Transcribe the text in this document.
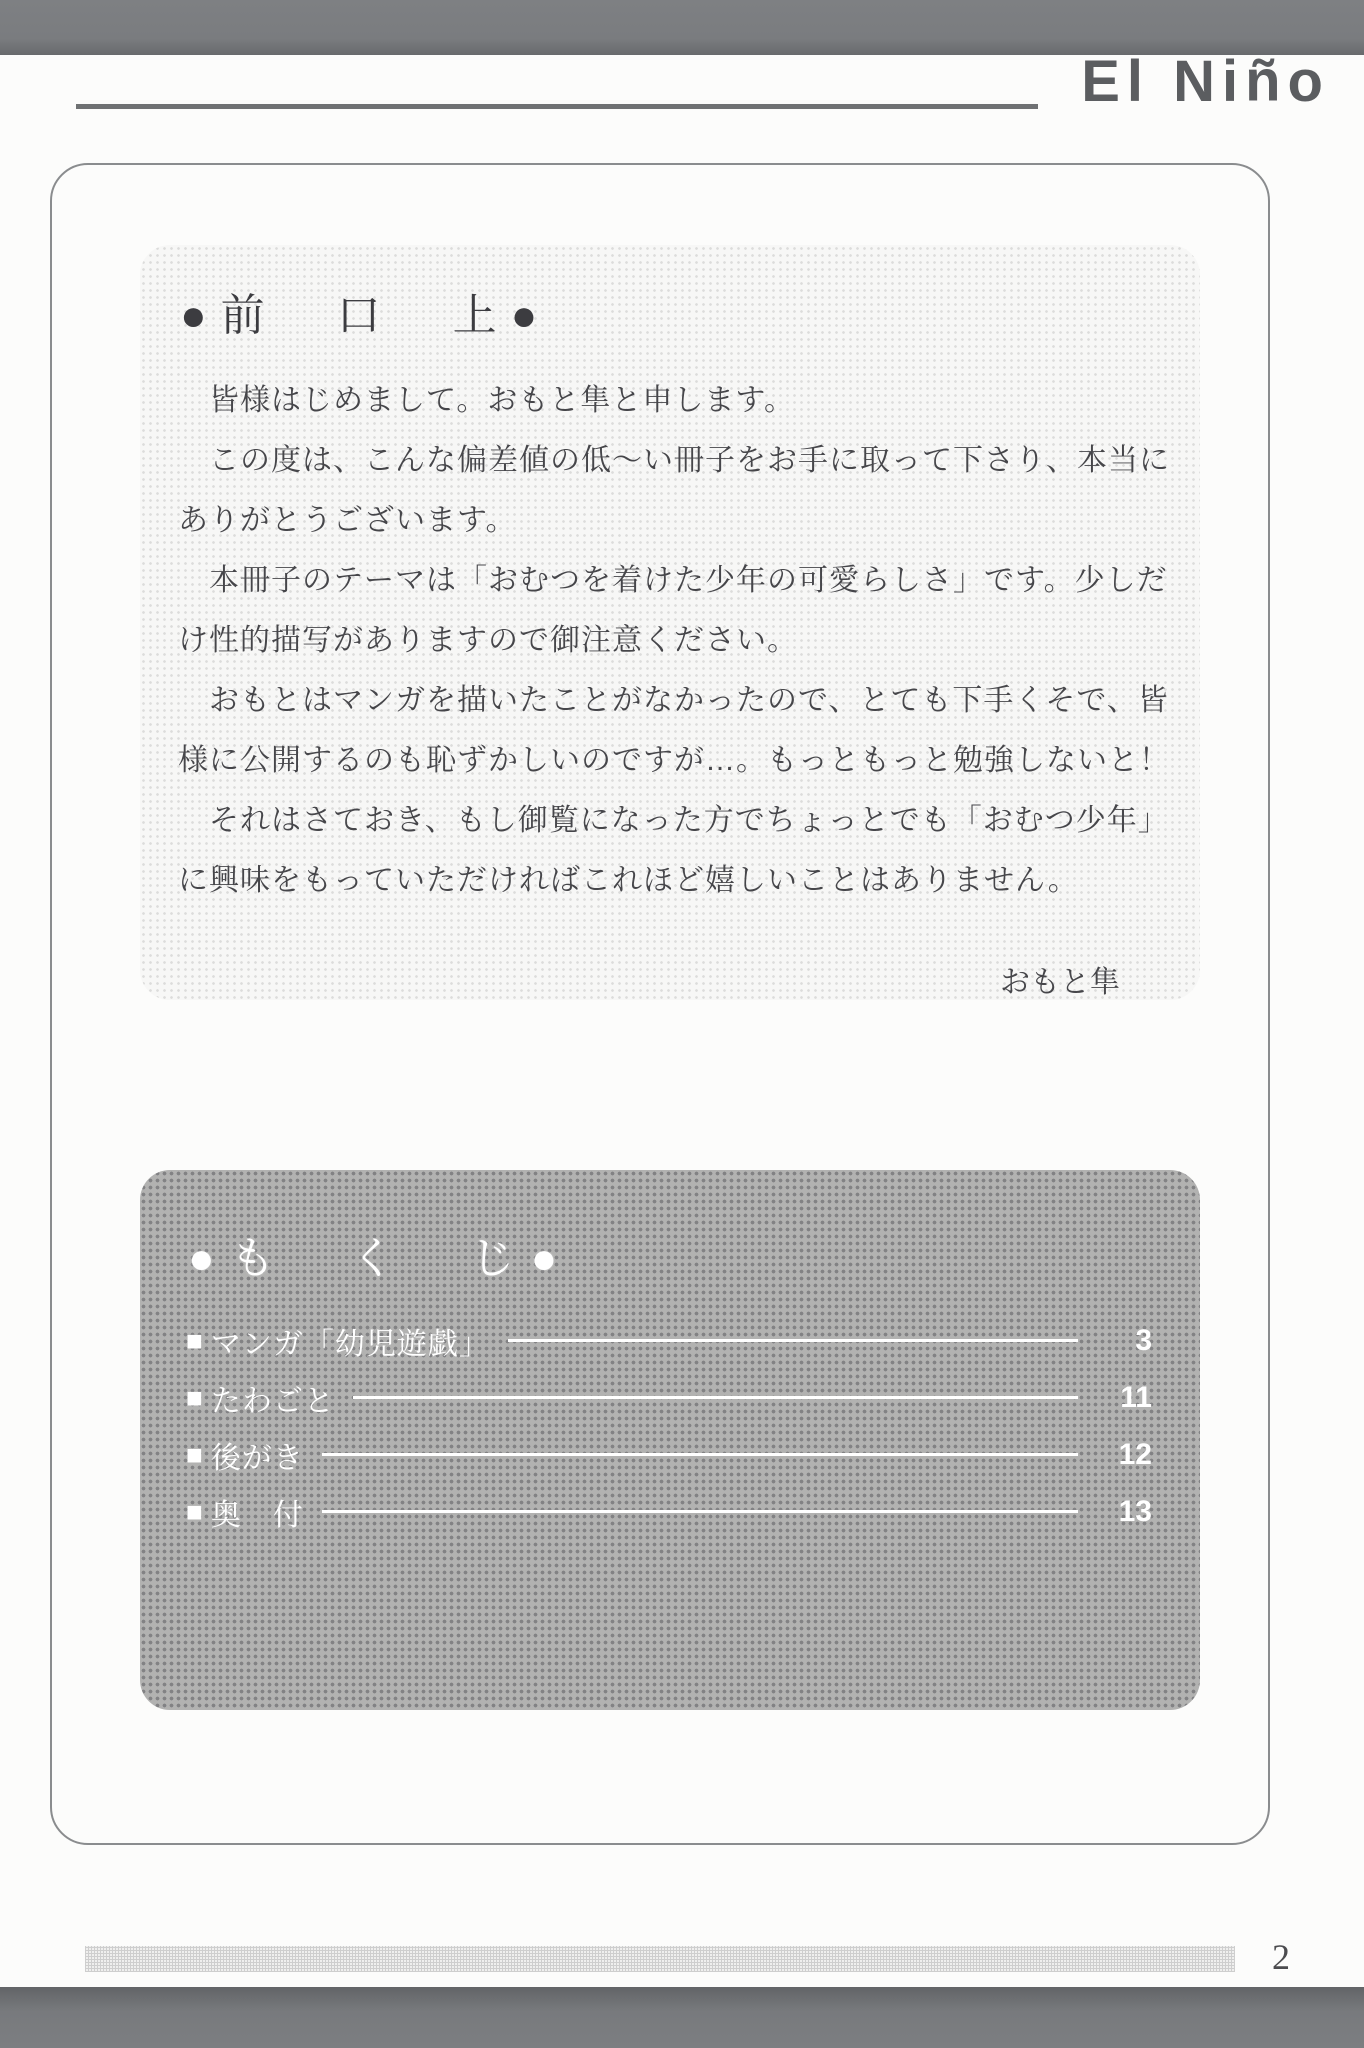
El Niño
●前　口　上●
　皆様はじめまして。おもと隼と申します。
　この度は、こんな偏差値の低〜い冊子をお手に取って下さり、本当に
ありがとうございます。
　本冊子のテーマは「おむつを着けた少年の可愛らしさ」です。少しだ
け性的描写がありますので御注意ください。
　おもとはマンガを描いたことがなかったので、とても下手くそで、皆
様に公開するのも恥ずかしいのですが…。もっともっと勉強しないと！
　それはさておき、もし御覧になった方でちょっとでも「おむつ少年」
に興味をもっていただければこれほど嬉しいことはありません。
おもと隼
●も　く　じ●
■ マンガ「幼児遊戯」	3
■ たわごと	11
■ 後がき	12
■ 奥　付	13
2
